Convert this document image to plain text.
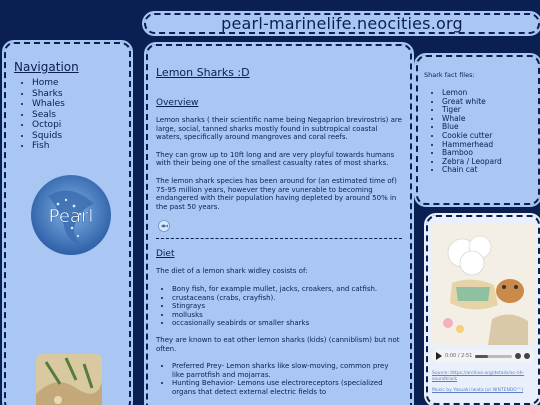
pearl-marinelife.neocities.org
Navigation
• Home
• Sharks
• Whales
• Seals
• Octopi
• Squids
• Fish
Pearl
Lemon Sharks :D
Overview

Lemon sharks ( their scientific name being Negaprion brevirostris) are large, social, tanned sharks mostly found in subtropical coastal waters, specifically around mangroves and coral reefs.

They can grow up to 10ft long and are very ployful towards humans with their being one of the smallest casualty rates of most sharks.

The lemon shark species has been around for (an estimated time of) 75-95 million years, however they are vunerable to becoming endangered with their population having depleted by around 50% in the past 50 years.

Diet

The diet of a lemon shark widley cosists of:

• Bony fish, for example mullet, jacks, croakers, and catfish.
• crustaceans (crabs, crayfish).
• Stingrays
• mollusks
• occasionally seabirds or smaller sharks

They are known to eat other lemon sharks (kids) (canniblism) but not often.

• Preferred Prey- Lemon sharks like slow-moving, common prey like parrotfish and mojarras.
• Hunting Behavior- Lemons use electroreceptors (specialized organs that detect external electric fields to
Shark fact files:
• Lemon
• Great white
• Tiger
• Whale
• Blue
• Cookie cutter
• Hammerhead
• Bamboo
• Zebra / Leopard
• Chain cat
0:00 / 2:51

Source: https://archive.org/details/ac-nh-soundtrack

Music by Yasuaki Iwata (or NINTENDO™)
